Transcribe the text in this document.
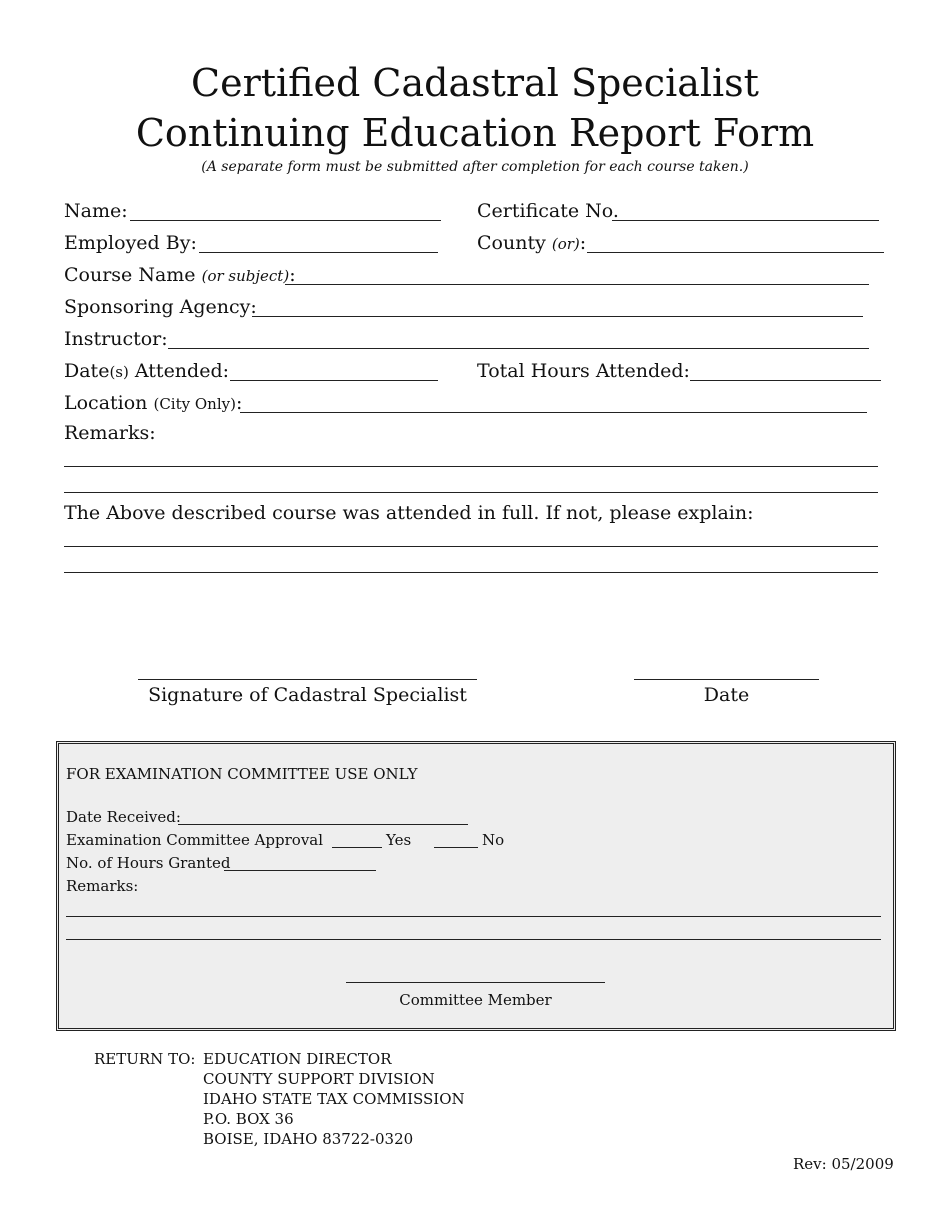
Certified Cadastral Specialist
Continuing Education Report Form
(A separate form must be submitted after completion for each course taken.)
Name:	Certificate No.
Employed By:	County (or):
Course Name (or subject):
Sponsoring Agency:
Instructor:
Date(s) Attended:	Total Hours Attended:
Location (City Only):
Remarks:
The Above described course was attended in full. If not, please explain:
Signature of Cadastral Specialist	Date
FOR EXAMINATION COMMITTEE USE ONLY
Date Received:
Examination Committee Approval	Yes	No
No. of Hours Granted
Remarks:
Committee Member
RETURN TO: EDUCATION DIRECTOR
COUNTY SUPPORT DIVISION
IDAHO STATE TAX COMMISSION
P.O. BOX 36
BOISE, IDAHO 83722-0320
Rev: 05/2009
